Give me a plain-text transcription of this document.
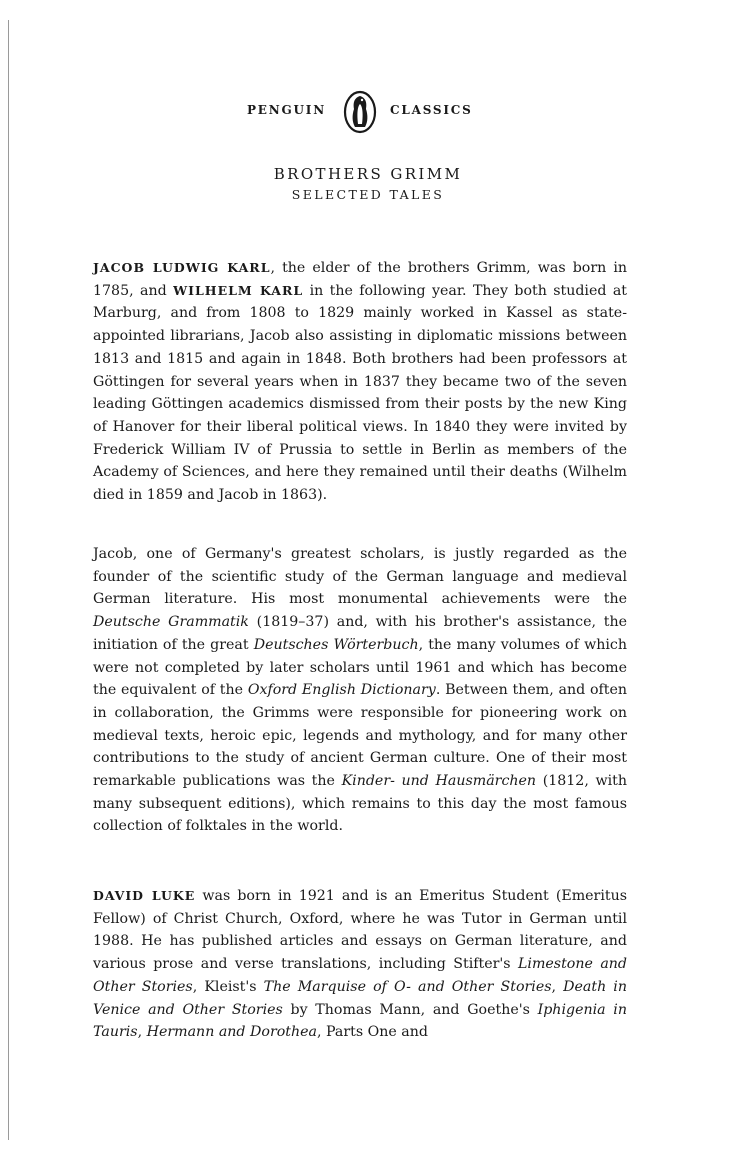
PENGUIN	CLASSICS
BROTHERS GRIMM
SELECTED TALES

JACOB LUDWIG KARL, the elder of the brothers Grimm, was born in 1785, and WILHELM KARL in the following year. They both studied at Marburg, and from 1808 to 1829 mainly worked in Kassel as state-appointed librarians, Jacob also assisting in diplomatic missions between 1813 and 1815 and again in 1848. Both brothers had been professors at Göttingen for several years when in 1837 they became two of the seven leading Göttingen academics dismissed from their posts by the new King of Hanover for their liberal political views. In 1840 they were invited by Frederick William IV of Prussia to settle in Berlin as members of the Academy of Sciences, and here they remained until their deaths (Wilhelm died in 1859 and Jacob in 1863).

Jacob, one of Germany's greatest scholars, is justly regarded as the founder of the scientific study of the German language and medieval German literature. His most monumental achievements were the Deutsche Grammatik (1819–37) and, with his brother's assistance, the initiation of the great Deutsches Wörterbuch, the many volumes of which were not completed by later scholars until 1961 and which has become the equivalent of the Oxford English Dictionary. Between them, and often in collaboration, the Grimms were responsible for pioneering work on medieval texts, heroic epic, legends and mythology, and for many other contributions to the study of ancient German culture. One of their most remarkable publications was the Kinder- und Hausmärchen (1812, with many subsequent editions), which remains to this day the most famous collection of folktales in the world.

DAVID LUKE was born in 1921 and is an Emeritus Student (Emeritus Fellow) of Christ Church, Oxford, where he was Tutor in German until 1988. He has published articles and essays on German literature, and various prose and verse translations, including Stifter's Limestone and Other Stories, Kleist's The Marquise of O- and Other Stories, Death in Venice and Other Stories by Thomas Mann, and Goethe's Iphigenia in Tauris, Hermann and Dorothea, Parts One and
